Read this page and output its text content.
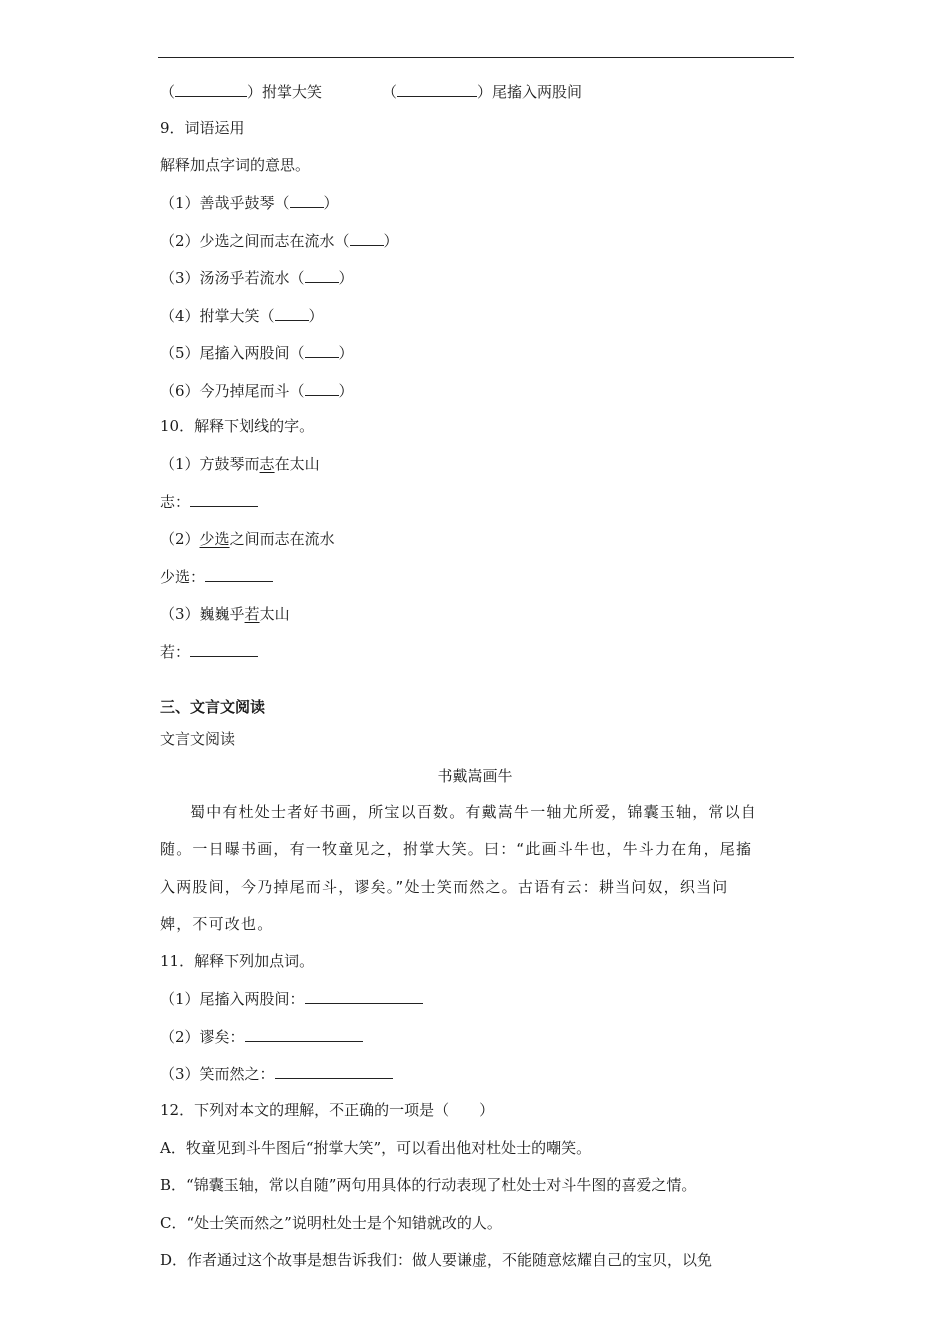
（	）拊掌大笑	（	）尾搐入两股间
9．词语运用
解释加点字词的意思。
（1）善哉乎鼓琴（ ）
（2）少选之间而志在流水（ ）
（3）汤汤乎若流水（ ）
（4）拊掌大笑（ ）
（5）尾搐入两股间（ ）
（6）今乃掉尾而斗（ ）
10．解释下划线的字。
（1）方鼓琴而志在太山
志：
（2）少选之间而志在流水
少选：
（3）巍巍乎若太山
若：
三、文言文阅读
文言文阅读
书戴嵩画牛
蜀中有杜处士者好书画，所宝以百数。有戴嵩牛一轴尤所爱，锦囊玉轴，常以自
随。一日曝书画，有一牧童见之，拊掌大笑。曰：“此画斗牛也，牛斗力在角，尾搐
入两股间，今乃掉尾而斗，谬矣。”处士笑而然之。古语有云：耕当问奴，织当问
婢，不可改也。
11．解释下列加点词。
（1）尾搐入两股间：
（2）谬矣：
（3）笑而然之：
12．下列对本文的理解，不正确的一项是（　　）
A．牧童见到斗牛图后“拊掌大笑”，可以看出他对杜处士的嘲笑。
B．“锦囊玉轴，常以自随”两句用具体的行动表现了杜处士对斗牛图的喜爱之情。
C．“处士笑而然之”说明杜处士是个知错就改的人。
D．作者通过这个故事是想告诉我们：做人要谦虚，不能随意炫耀自己的宝贝，以免
